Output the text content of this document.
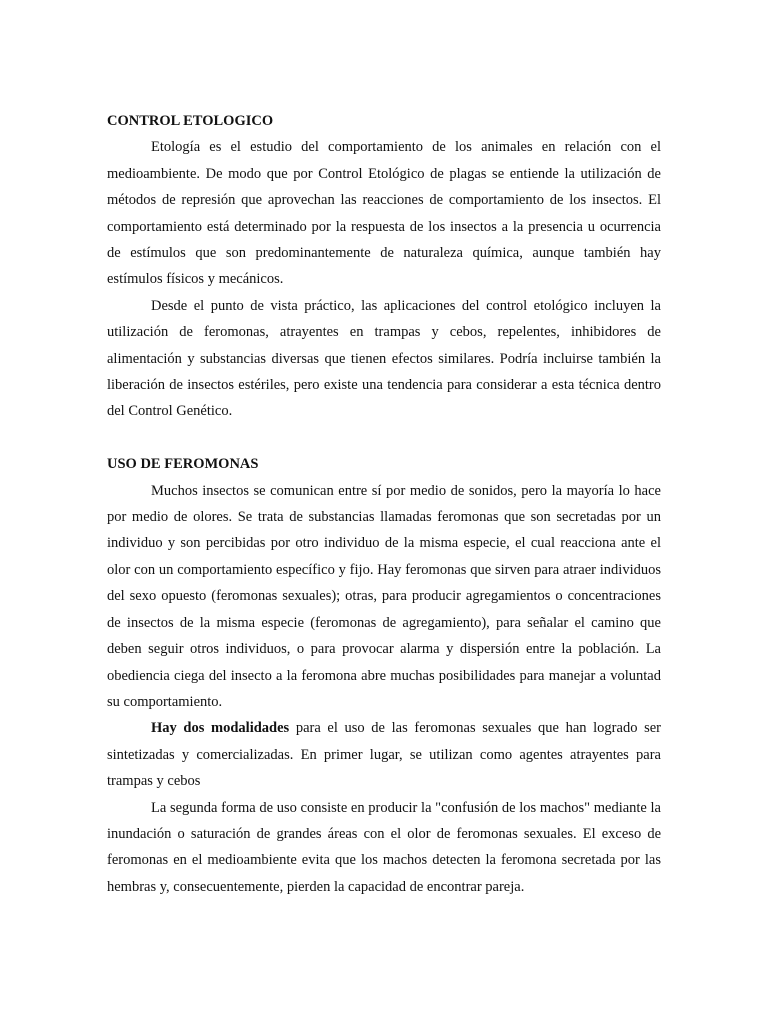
CONTROL ETOLOGICO

Etología es el estudio del comportamiento de los animales en relación con el medioambiente. De modo que por Control Etológico de plagas se entiende la utilización de métodos de represión que aprovechan las reacciones de comportamiento de los insectos. El comportamiento está determinado por la respuesta de los insectos a la presencia u ocurrencia de estímulos que son predominantemente de naturaleza química, aunque también hay estímulos físicos y mecánicos.

Desde el punto de vista práctico, las aplicaciones del control etológico incluyen la utilización de feromonas, atrayentes en trampas y cebos, repelentes, inhibidores de alimentación y substancias diversas que tienen efectos similares. Podría incluirse también la liberación de insectos estériles, pero existe una tendencia para considerar a esta técnica dentro del Control Genético.

USO DE FEROMONAS

Muchos insectos se comunican entre sí por medio de sonidos, pero la mayoría lo hace por medio de olores. Se trata de substancias llamadas feromonas que son secretadas por un individuo y son percibidas por otro individuo de la misma especie, el cual reacciona ante el olor con un comportamiento específico y fijo. Hay feromonas que sirven para atraer individuos del sexo opuesto (feromonas sexuales); otras, para producir agregamientos o concentraciones de insectos de la misma especie (feromonas de agregamiento), para señalar el camino que deben seguir otros individuos, o para provocar alarma y dispersión entre la población. La obediencia ciega del insecto a la feromona abre muchas posibilidades para manejar a voluntad su comportamiento.

Hay dos modalidades para el uso de las feromonas sexuales que han logrado ser sintetizadas y comercializadas. En primer lugar, se utilizan como agentes atrayentes para trampas y cebos

La segunda forma de uso consiste en producir la "confusión de los machos" mediante la inundación o saturación de grandes áreas con el olor de feromonas sexuales. El exceso de feromonas en el medioambiente evita que los machos detecten la feromona secretada por las hembras y, consecuentemente, pierden la capacidad de encontrar pareja.
